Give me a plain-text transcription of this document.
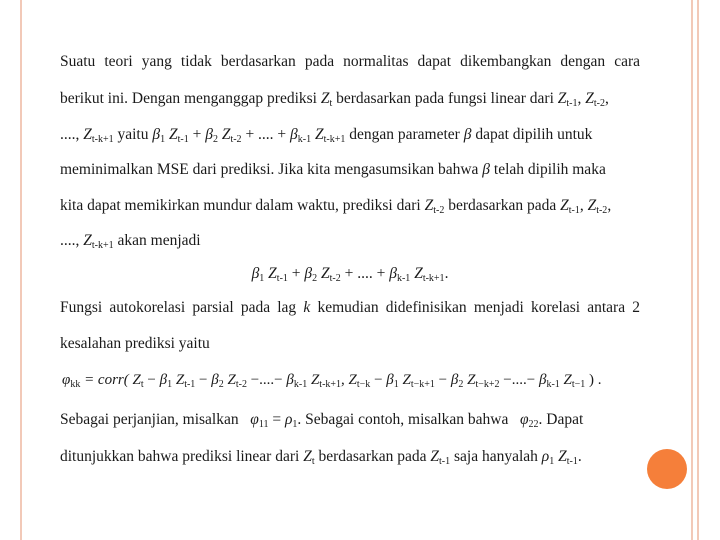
Suatu teori yang tidak berdasarkan pada normalitas dapat dikembangkan dengan cara
berikut ini. Dengan menganggap prediksi $Z_t$ berdasarkan pada fungsi linear dari $Z_{t-1}$, $Z_{t-2}$,
...., $Z_{t-k+1}$ yaitu $\beta_1$ $Z_{t-1} + \beta_2$ $Z_{t-2}$ + .... + $\beta_{k-1}$ $Z_{t-k+1}$ dengan parameter β dapat dipilih untuk
meminimalkan MSE dari prediksi. Jika kita mengasumsikan bahwa β telah dipilih maka
kita dapat memikirkan mundur dalam waktu, prediksi dari $Z_{t-2}$ berdasarkan pada $Z_{t-1}$, $Z_{t-2}$,
...., $Z_{t-k+1}$ akan menjadi
$\beta_1$ $Z_{t-1} + \beta_2$ $Z_{t-2}$ + .... + $\beta_{k-1}$ $Z_{t-k+1}$.
Fungsi autokorelasi parsial pada lag k kemudian didefinisikan menjadi korelasi antara 2
kesalahan prediksi yaitu
$\varphi_{kk}$ = corr( $Z_t - \beta_1$ $Z_{t-1} - \beta_2$ $Z_{t-2}$ −....− $\beta_{k-1}$ $Z_{t-k+1}$, $Z_{t-k} - \beta_1$ $Z_{t-k+1} - \beta_2$ $Z_{t-k+2}$ −....− $\beta_{k-1}$ $Z_{t-1}$ ) .
Sebagai perjanjian, misalkan $\varphi_{11} = \rho_1$. Sebagai contoh, misalkan bahwa $\varphi_{22}$. Dapat
ditunjukkan bahwa prediksi linear dari $Z_t$ berdasarkan pada $Z_{t-1}$ saja hanyalah $\rho_1$ $Z_{t-1}$.
